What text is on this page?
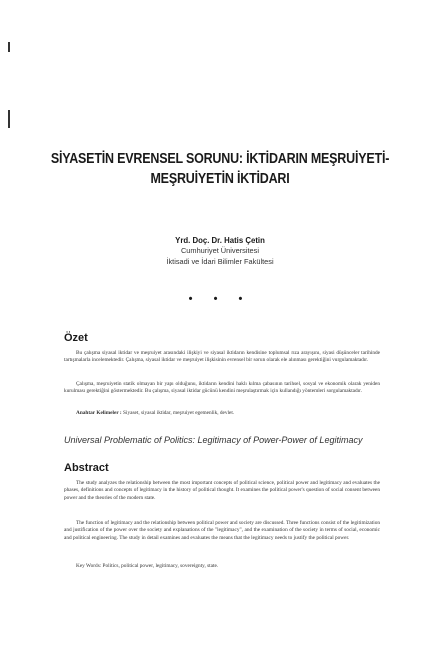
SİYASETİN EVRENSEL SORUNU: İKTİDARIN MEŞRUİYETİ-
MEŞRUİYETİN İKTİDARI
Yrd. Doç. Dr. Hatis Çetin
Cumhuriyet Üniversitesi
İktisadi ve İdari Bilimler Fakültesi
• • •
Özet
Bu çalışma siyasal iktidar ve meşruiyet arasındaki ilişkiyi ve siyasal iktidarın kendisine toplumsal rıza arayışını, siyasi düşünceler tarihinde tartışmalarla incelemektedir. Çalışma, siyasal iktidar ve meşruiyet ilişkisinin evrensel bir sorun olarak ele alınması gerektiğini vurgulamaktadır.
Çalışma, meşruiyetin statik olmayan bir yapı olduğunu, iktidarın kendini haklı kılma çabasının tarihsel, sosyal ve ekonomik olarak yeniden kurulması gerektiğini göstermektedir. Bu çalışma, siyasal iktidar gücünü kendini meşrulaştırmak için kullandığı yöntemleri sorgulamaktadır.
Anahtar Kelimeler : Siyaset, siyasal iktidar, meşruiyet egemenlik, devlet.
Universal Problematic of Politics: Legitimacy of Power-Power of Legitimacy
Abstract
The study analyzes the relationship between the most important concepts of political science, political power and legitimacy and evaluates the phases, definitions and concepts of legitimacy in the history of political thought. It examines the political power's question of social consent between power and the theories of the modern state.
The function of legitimacy and the relationship between political power and society are discussed. Three functions consist of the legitimization and justification of the power over the society and explanations of the "legitimacy", and the examination of the society in terms of social, economic and political engineering. The study in detail examines and evaluates the means that the legitimacy needs to justify the political power.
Key Words: Politics, political power, legitimacy, sovereignty, state.
